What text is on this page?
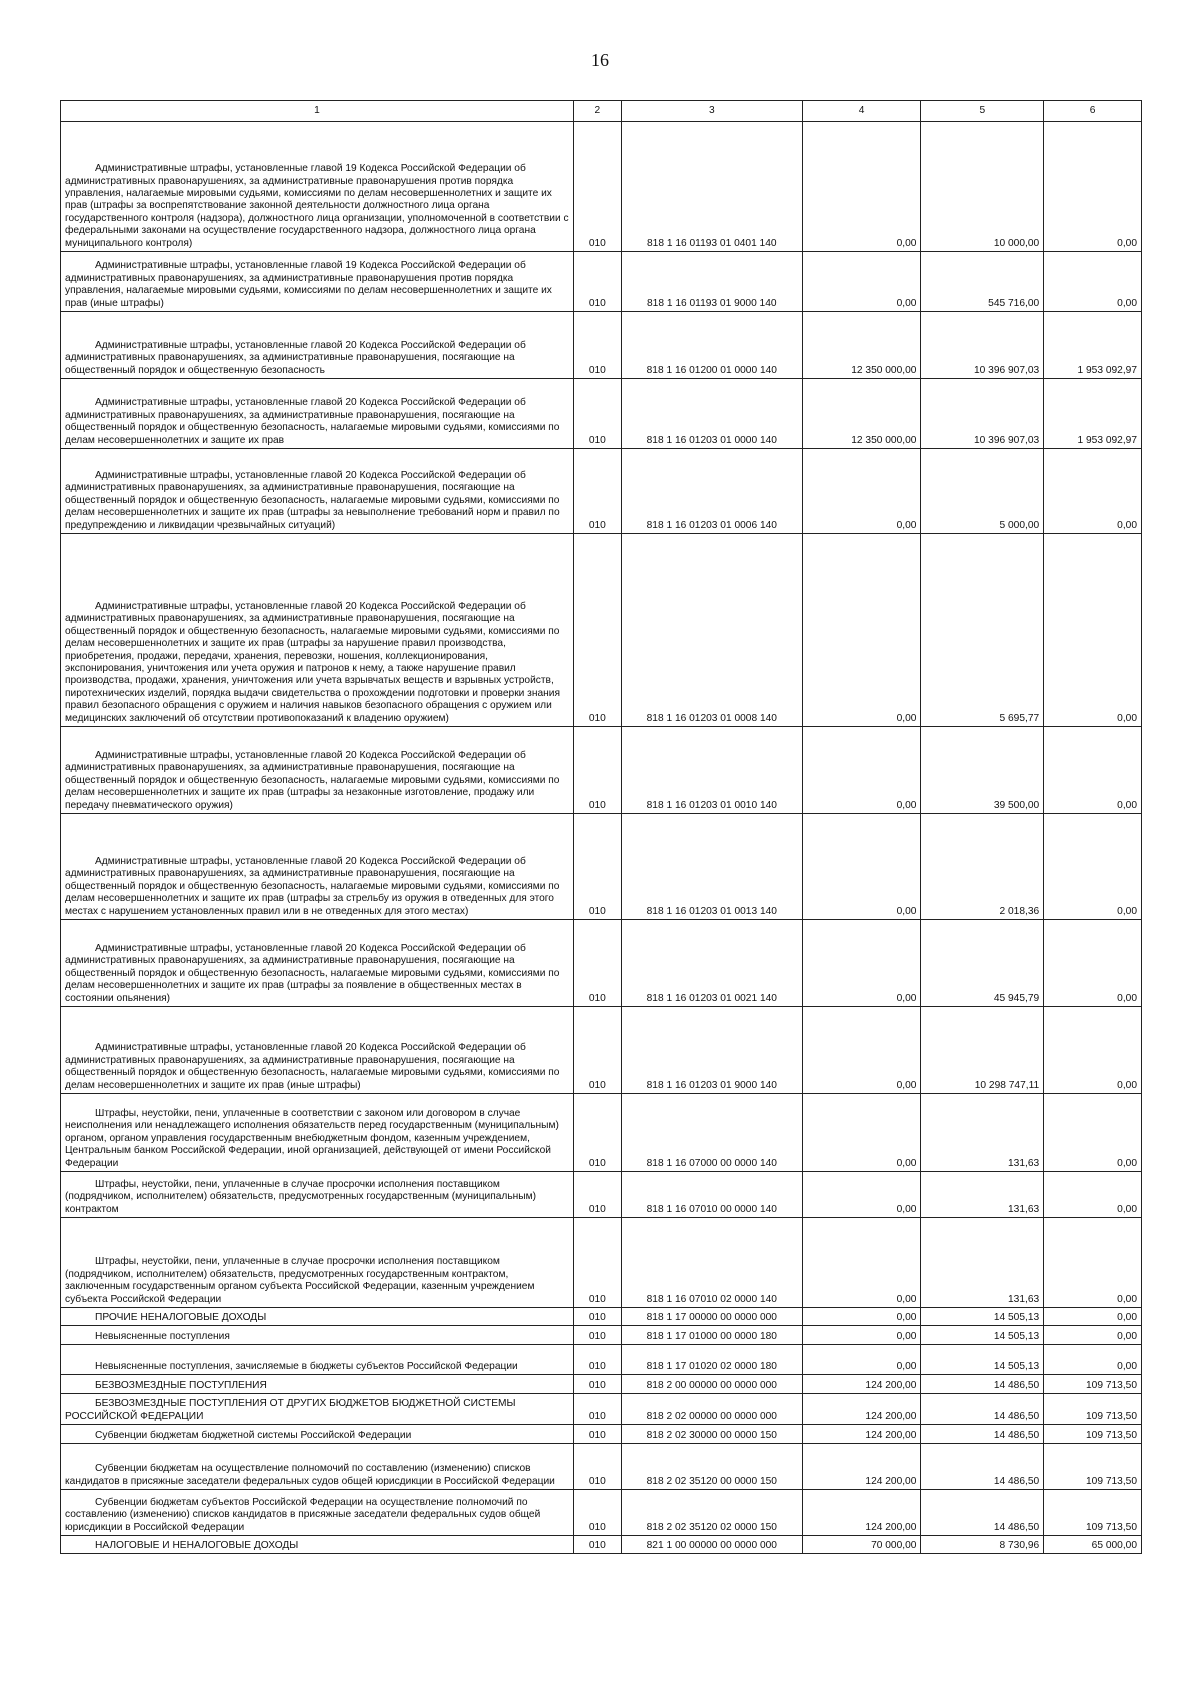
16
1	2	3	4	5	6

Административные штрафы, установленные главой 19 Кодекса Российской Федерации об административных правонарушениях, за административные правонарушения против порядка управления, налагаемые мировыми судьями, комиссиями по делам несовершеннолетних и защите их прав (штрафы за воспрепятствование законной деятельности должностного лица органа государственного контроля (надзора), должностного лица организации, уполномоченной в соответствии с федеральными законами на осуществление государственного надзора, должностного лица органа муниципального контроля)	010	818 1 16 01193 01 0401 140	0,00	10 000,00	0,00

Административные штрафы, установленные главой 19 Кодекса Российской Федерации об административных правонарушениях, за административные правонарушения против порядка управления, налагаемые мировыми судьями, комиссиями по делам несовершеннолетних и защите их прав (иные штрафы)	010	818 1 16 01193 01 9000 140	0,00	545 716,00	0,00

Административные штрафы, установленные главой 20 Кодекса Российской Федерации об административных правонарушениях, за административные правонарушения, посягающие на общественный порядок и общественную безопасность	010	818 1 16 01200 01 0000 140	12 350 000,00	10 396 907,03	1 953 092,97

Административные штрафы, установленные главой 20 Кодекса Российской Федерации об административных правонарушениях, за административные правонарушения, посягающие на общественный порядок и общественную безопасность, налагаемые мировыми судьями, комиссиями по делам несовершеннолетних и защите их прав	010	818 1 16 01203 01 0000 140	12 350 000,00	10 396 907,03	1 953 092,97

Административные штрафы, установленные главой 20 Кодекса Российской Федерации об административных правонарушениях, за административные правонарушения, посягающие на общественный порядок и общественную безопасность, налагаемые мировыми судьями, комиссиями по делам несовершеннолетних и защите их прав (штрафы за невыполнение требований норм и правил по предупреждению и ликвидации чрезвычайных ситуаций)	010	818 1 16 01203 01 0006 140	0,00	5 000,00	0,00

Административные штрафы, установленные главой 20 Кодекса Российской Федерации об административных правонарушениях, за административные правонарушения, посягающие на общественный порядок и общественную безопасность, налагаемые мировыми судьями, комиссиями по делам несовершеннолетних и защите их прав (штрафы за нарушение правил производства, приобретения, продажи, передачи, хранения, перевозки, ношения, коллекционирования, экспонирования, уничтожения или учета оружия и патронов к нему, а также нарушение правил производства, продажи, хранения, уничтожения или учета взрывчатых веществ и взрывных устройств, пиротехнических изделий, порядка выдачи свидетельства о прохождении подготовки и проверки знания правил безопасного обращения с оружием и наличия навыков безопасного обращения с оружием или медицинских заключений об отсутствии противопоказаний к владению оружием)	010	818 1 16 01203 01 0008 140	0,00	5 695,77	0,00

Административные штрафы, установленные главой 20 Кодекса Российской Федерации об административных правонарушениях, за административные правонарушения, посягающие на общественный порядок и общественную безопасность, налагаемые мировыми судьями, комиссиями по делам несовершеннолетних и защите их прав (штрафы за незаконные изготовление, продажу или передачу пневматического оружия)	010	818 1 16 01203 01 0010 140	0,00	39 500,00	0,00

Административные штрафы, установленные главой 20 Кодекса Российской Федерации об административных правонарушениях, за административные правонарушения, посягающие на общественный порядок и общественную безопасность, налагаемые мировыми судьями, комиссиями по делам несовершеннолетних и защите их прав (штрафы за стрельбу из оружия в отведенных для этого местах с нарушением установленных правил или в не отведенных для этого местах)	010	818 1 16 01203 01 0013 140	0,00	2 018,36	0,00

Административные штрафы, установленные главой 20 Кодекса Российской Федерации об административных правонарушениях, за административные правонарушения, посягающие на общественный порядок и общественную безопасность, налагаемые мировыми судьями, комиссиями по делам несовершеннолетних и защите их прав (штрафы за появление в общественных местах в состоянии опьянения)	010	818 1 16 01203 01 0021 140	0,00	45 945,79	0,00

Административные штрафы, установленные главой 20 Кодекса Российской Федерации об административных правонарушениях, за административные правонарушения, посягающие на общественный порядок и общественную безопасность, налагаемые мировыми судьями, комиссиями по делам несовершеннолетних и защите их прав (иные штрафы)	010	818 1 16 01203 01 9000 140	0,00	10 298 747,11	0,00

Штрафы, неустойки, пени, уплаченные в соответствии с законом или договором в случае неисполнения или ненадлежащего исполнения обязательств перед государственным (муниципальным) органом, органом управления государственным внебюджетным фондом, казенным учреждением, Центральным банком Российской Федерации, иной организацией, действующей от имени Российской Федерации	010	818 1 16 07000 00 0000 140	0,00	131,63	0,00

Штрафы, неустойки, пени, уплаченные в случае просрочки исполнения поставщиком (подрядчиком, исполнителем) обязательств, предусмотренных государственным (муниципальным) контрактом	010	818 1 16 07010 00 0000 140	0,00	131,63	0,00

Штрафы, неустойки, пени, уплаченные в случае просрочки исполнения поставщиком (подрядчиком, исполнителем) обязательств, предусмотренных государственным контрактом, заключенным государственным органом субъекта Российской Федерации, казенным учреждением субъекта Российской Федерации	010	818 1 16 07010 02 0000 140	0,00	131,63	0,00

ПРОЧИЕ НЕНАЛОГОВЫЕ ДОХОДЫ	010	818 1 17 00000 00 0000 000	0,00	14 505,13	0,00

Невыясненные поступления	010	818 1 17 01000 00 0000 180	0,00	14 505,13	0,00

Невыясненные поступления, зачисляемые в бюджеты субъектов Российской Федерации	010	818 1 17 01020 02 0000 180	0,00	14 505,13	0,00

БЕЗВОЗМЕЗДНЫЕ ПОСТУПЛЕНИЯ	010	818 2 00 00000 00 0000 000	124 200,00	14 486,50	109 713,50

БЕЗВОЗМЕЗДНЫЕ ПОСТУПЛЕНИЯ ОТ ДРУГИХ БЮДЖЕТОВ БЮДЖЕТНОЙ СИСТЕМЫ РОССИЙСКОЙ ФЕДЕРАЦИИ	010	818 2 02 00000 00 0000 000	124 200,00	14 486,50	109 713,50

Субвенции бюджетам бюджетной системы Российской Федерации	010	818 2 02 30000 00 0000 150	124 200,00	14 486,50	109 713,50

Субвенции бюджетам на осуществление полномочий по составлению (изменению) списков кандидатов в присяжные заседатели федеральных судов общей юрисдикции в Российской Федерации	010	818 2 02 35120 00 0000 150	124 200,00	14 486,50	109 713,50

Субвенции бюджетам субъектов Российской Федерации на осуществление полномочий по составлению (изменению) списков кандидатов в присяжные заседатели федеральных судов общей юрисдикции в Российской Федерации	010	818 2 02 35120 02 0000 150	124 200,00	14 486,50	109 713,50

НАЛОГОВЫЕ И НЕНАЛОГОВЫЕ ДОХОДЫ	010	821 1 00 00000 00 0000 000	70 000,00	8 730,96	65 000,00
